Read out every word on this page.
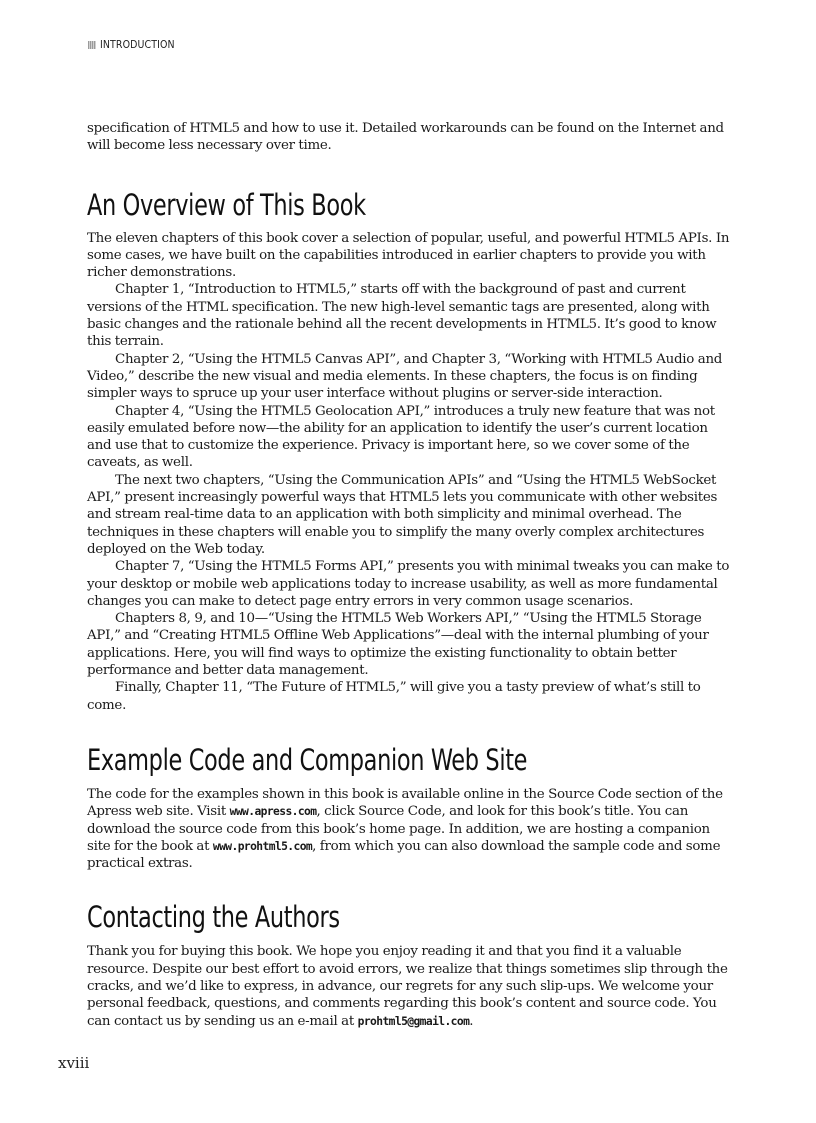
INTRODUCTION

specification of HTML5 and how to use it. Detailed workarounds can be found on the Internet and will become less necessary over time.

An Overview of This Book

The eleven chapters of this book cover a selection of popular, useful, and powerful HTML5 APIs. In some cases, we have built on the capabilities introduced in earlier chapters to provide you with richer demonstrations.

Chapter 1, “Introduction to HTML5,” starts off with the background of past and current versions of the HTML specification. The new high-level semantic tags are presented, along with basic changes and the rationale behind all the recent developments in HTML5. It’s good to know this terrain.

Chapter 2, “Using the HTML5 Canvas API”, and Chapter 3, “Working with HTML5 Audio and Video,” describe the new visual and media elements. In these chapters, the focus is on finding simpler ways to spruce up your user interface without plugins or server-side interaction.

Chapter 4, “Using the HTML5 Geolocation API,” introduces a truly new feature that was not easily emulated before now—the ability for an application to identify the user’s current location and use that to customize the experience. Privacy is important here, so we cover some of the caveats, as well.

The next two chapters, “Using the Communication APIs” and “Using the HTML5 WebSocket API,” present increasingly powerful ways that HTML5 lets you communicate with other websites and stream real-time data to an application with both simplicity and minimal overhead. The techniques in these chapters will enable you to simplify the many overly complex architectures deployed on the Web today.

Chapter 7, “Using the HTML5 Forms API,” presents you with minimal tweaks you can make to your desktop or mobile web applications today to increase usability, as well as more fundamental changes you can make to detect page entry errors in very common usage scenarios.

Chapters 8, 9, and 10—“Using the HTML5 Web Workers API,” “Using the HTML5 Storage API,” and “Creating HTML5 Offline Web Applications”—deal with the internal plumbing of your applications. Here, you will find ways to optimize the existing functionality to obtain better performance and better data management.

Finally, Chapter 11, “The Future of HTML5,” will give you a tasty preview of what’s still to come.

Example Code and Companion Web Site

The code for the examples shown in this book is available online in the Source Code section of the Apress web site. Visit www.apress.com, click Source Code, and look for this book’s title. You can download the source code from this book’s home page. In addition, we are hosting a companion site for the book at www.prohtml5.com, from which you can also download the sample code and some practical extras.

Contacting the Authors

Thank you for buying this book. We hope you enjoy reading it and that you find it a valuable resource. Despite our best effort to avoid errors, we realize that things sometimes slip through the cracks, and we’d like to express, in advance, our regrets for any such slip-ups. We welcome your personal feedback, questions, and comments regarding this book’s content and source code. You can contact us by sending us an e-mail at prohtml5@gmail.com.

xviii
